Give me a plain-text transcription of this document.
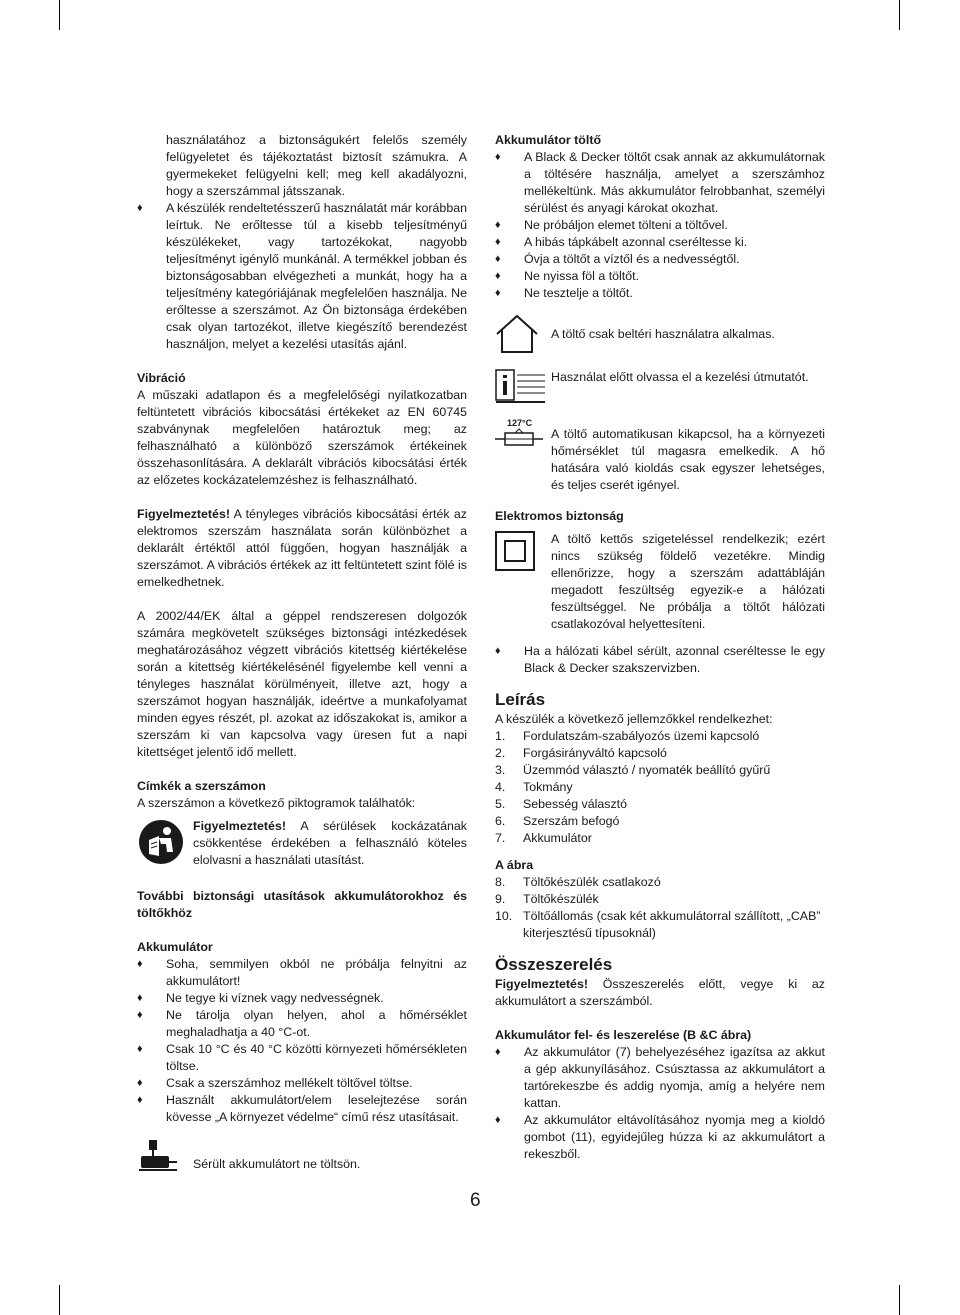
használatához a biztonságukért felelős személy felügyeletet és tájékoztatást biztosít számukra. A gyermekeket felügyelni kell; meg kell akadályozni, hogy a szerszámmal játsszanak.

♦ A készülék rendeltetésszerű használatát már korábban leírtuk. Ne erőltesse túl a kisebb teljesítményű készülékeket, vagy tartozékokat, nagyobb teljesítményt igénylő munkánál. A termékkel jobban és biztonságosabban elvégezheti a munkát, hogy ha a teljesítmény kategóriájának megfelelően használja. Ne erőltesse a szerszámot. Az Ön biztonsága érdekében csak olyan tartozékot, illetve kiegészítő berendezést használjon, melyet a kezelési utasítás ajánl.

Vibráció

A műszaki adatlapon és a megfelelőségi nyilatkozatban feltüntetett vibrációs kibocsátási értékeket az EN 60745 szabványnak megfelelően határoztuk meg; az felhasználható a különböző szerszámok értékeinek összehasonlítására. A deklarált vibrációs kibocsátási érték az előzetes kockázatelemzéshez is felhasználható.

Figyelmeztetés! A tényleges vibrációs kibocsátási érték az elektromos szerszám használata során különbözhet a deklarált értéktől attól függően, hogyan használják a szerszámot. A vibrációs értékek az itt feltüntetett szint fölé is emelkedhetnek.

A 2002/44/EK által a géppel rendszeresen dolgozók számára megkövetelt szükséges biztonsági intézkedések meghatározásához végzett vibrációs kitettség kiértékelése során a kitettség kiértékelésénél figyelembe kell venni a tényleges használat körülményeit, illetve azt, hogy a szerszámot hogyan használják, ideértve a munkafolyamat minden egyes részét, pl. azokat az időszakokat is, amikor a szerszám ki van kapcsolva vagy üresen fut a napi kitettséget jelentő idő mellett.

Címkék a szerszámon

A szerszámon a következő piktogramok találhatók:

Figyelmeztetés! A sérülések kockázatának csökkentése érdekében a felhasználó köteles elolvasni a használati utasítást.

További biztonsági utasítások akkumulátorokhoz és töltőkhöz

Akkumulátor

♦ Soha, semmilyen okból ne próbálja felnyitni az akkumulátort!
♦ Ne tegye ki víznek vagy nedvességnek.
♦ Ne tárolja olyan helyen, ahol a hőmérséklet meghaladhatja a 40 °C-ot.
♦ Csak 10 °C és 40 °C közötti környezeti hőmérsékleten töltse.
♦ Csak a szerszámhoz mellékelt töltővel töltse.
♦ Használt akkumulátort/elem leselejtezése során kövesse „A környezet védelme“ című rész utasításait.

Sérült akkumulátort ne töltsön.

Akkumulátor töltő

♦ A Black & Decker töltőt csak annak az akkumulátornak a töltésére használja, amelyet a szerszámhoz mellékeltünk. Más akkumulátor felrobbanhat, személyi sérülést és anyagi károkat okozhat.
♦ Ne próbáljon elemet tölteni a töltővel.
♦ A hibás tápkábelt azonnal cseréltesse ki.
♦ Óvja a töltőt a víztől és a nedvességtől.
♦ Ne nyissa föl a töltőt.
♦ Ne tesztelje a töltőt.

A töltő csak beltéri használatra alkalmas.

Használat előtt olvassa el a kezelési útmutatót.

127°C

A töltő automatikusan kikapcsol, ha a környezeti hőmérséklet túl magasra emelkedik. A hő hatására való kioldás csak egyszer lehetséges, és teljes cserét igényel.

Elektromos biztonság

A töltő kettős szigeteléssel rendelkezik; ezért nincs szükség földelő vezetékre. Mindig ellenőrizze, hogy a szerszám adattábláján megadott feszültség egyezik-e a hálózati feszültséggel. Ne próbálja a töltőt hálózati csatlakozóval helyettesíteni.

♦ Ha a hálózati kábel sérült, azonnal cseréltesse le egy Black & Decker szakszervizben.

Leírás

A készülék a következő jellemzőkkel rendelkezhet:

1.	Fordulatszám-szabályozós üzemi kapcsoló
2.	Forgásirányváltó kapcsoló
3.	Üzemmód választó / nyomaték beállító gyűrű
4.	Tokmány
5.	Sebesség választó
6.	Szerszám befogó
7.	Akkumulátor

A ábra

8.	Töltőkészülék csatlakozó
9.	Töltőkészülék
10. Töltőállomás (csak két akkumulátorral szállított, „CAB” kiterjesztésű típusoknál)

Összeszerelés

Figyelmeztetés! Összeszerelés előtt, vegye ki az akkumulátort a szerszámból.

Akkumulátor fel- és leszerelése (B &C ábra)

♦ Az akkumulátor (7) behelyezéséhez igazítsa az akkut a gép akkunyílásához. Csúsztassa az akkumulátort a tartórekeszbe és addig nyomja, amíg a helyére nem kattan.
♦ Az akkumulátor eltávolításához nyomja meg a kioldó gombot (11), egyidejűleg húzza ki az akkumulátort a rekeszből.
6
